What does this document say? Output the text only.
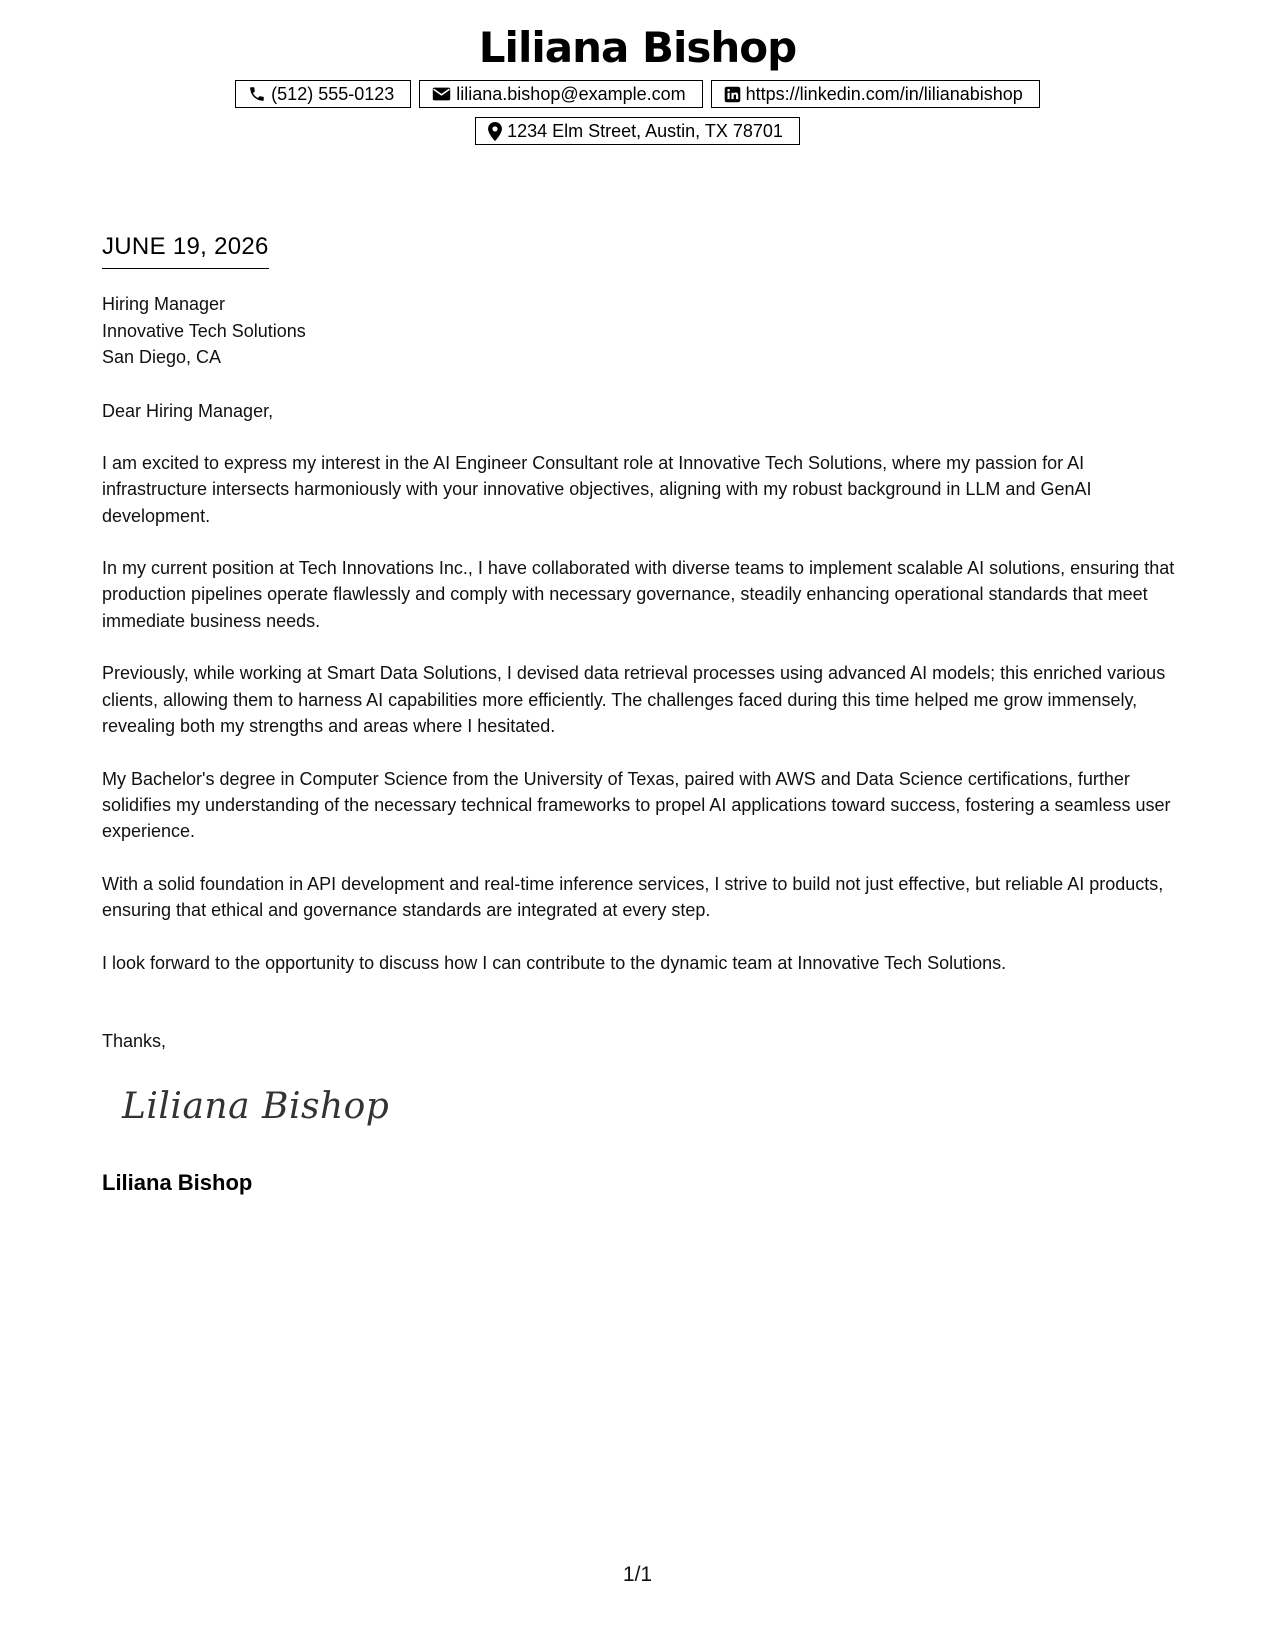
Liliana Bishop
(512) 555-0123	liliana.bishop@example.com	https://linkedin.com/in/lilianabishop
1234 Elm Street, Austin, TX 78701
JUNE 19, 2026
Hiring Manager
Innovative Tech Solutions
San Diego, CA
Dear Hiring Manager,

I am excited to express my interest in the AI Engineer Consultant role at Innovative Tech Solutions, where my passion for AI infrastructure intersects harmoniously with your innovative objectives, aligning with my robust background in LLM and GenAI development.

In my current position at Tech Innovations Inc., I have collaborated with diverse teams to implement scalable AI solutions, ensuring that production pipelines operate flawlessly and comply with necessary governance, steadily enhancing operational standards that meet immediate business needs.

Previously, while working at Smart Data Solutions, I devised data retrieval processes using advanced AI models; this enriched various clients, allowing them to harness AI capabilities more efficiently. The challenges faced during this time helped me grow immensely, revealing both my strengths and areas where I hesitated.

My Bachelor's degree in Computer Science from the University of Texas, paired with AWS and Data Science certifications, further solidifies my understanding of the necessary technical frameworks to propel AI applications toward success, fostering a seamless user experience.

With a solid foundation in API development and real-time inference services, I strive to build not just effective, but reliable AI products, ensuring that ethical and governance standards are integrated at every step.

I look forward to the opportunity to discuss how I can contribute to the dynamic team at Innovative Tech Solutions.

Thanks,
Liliana Bishop
Liliana Bishop
1/1
